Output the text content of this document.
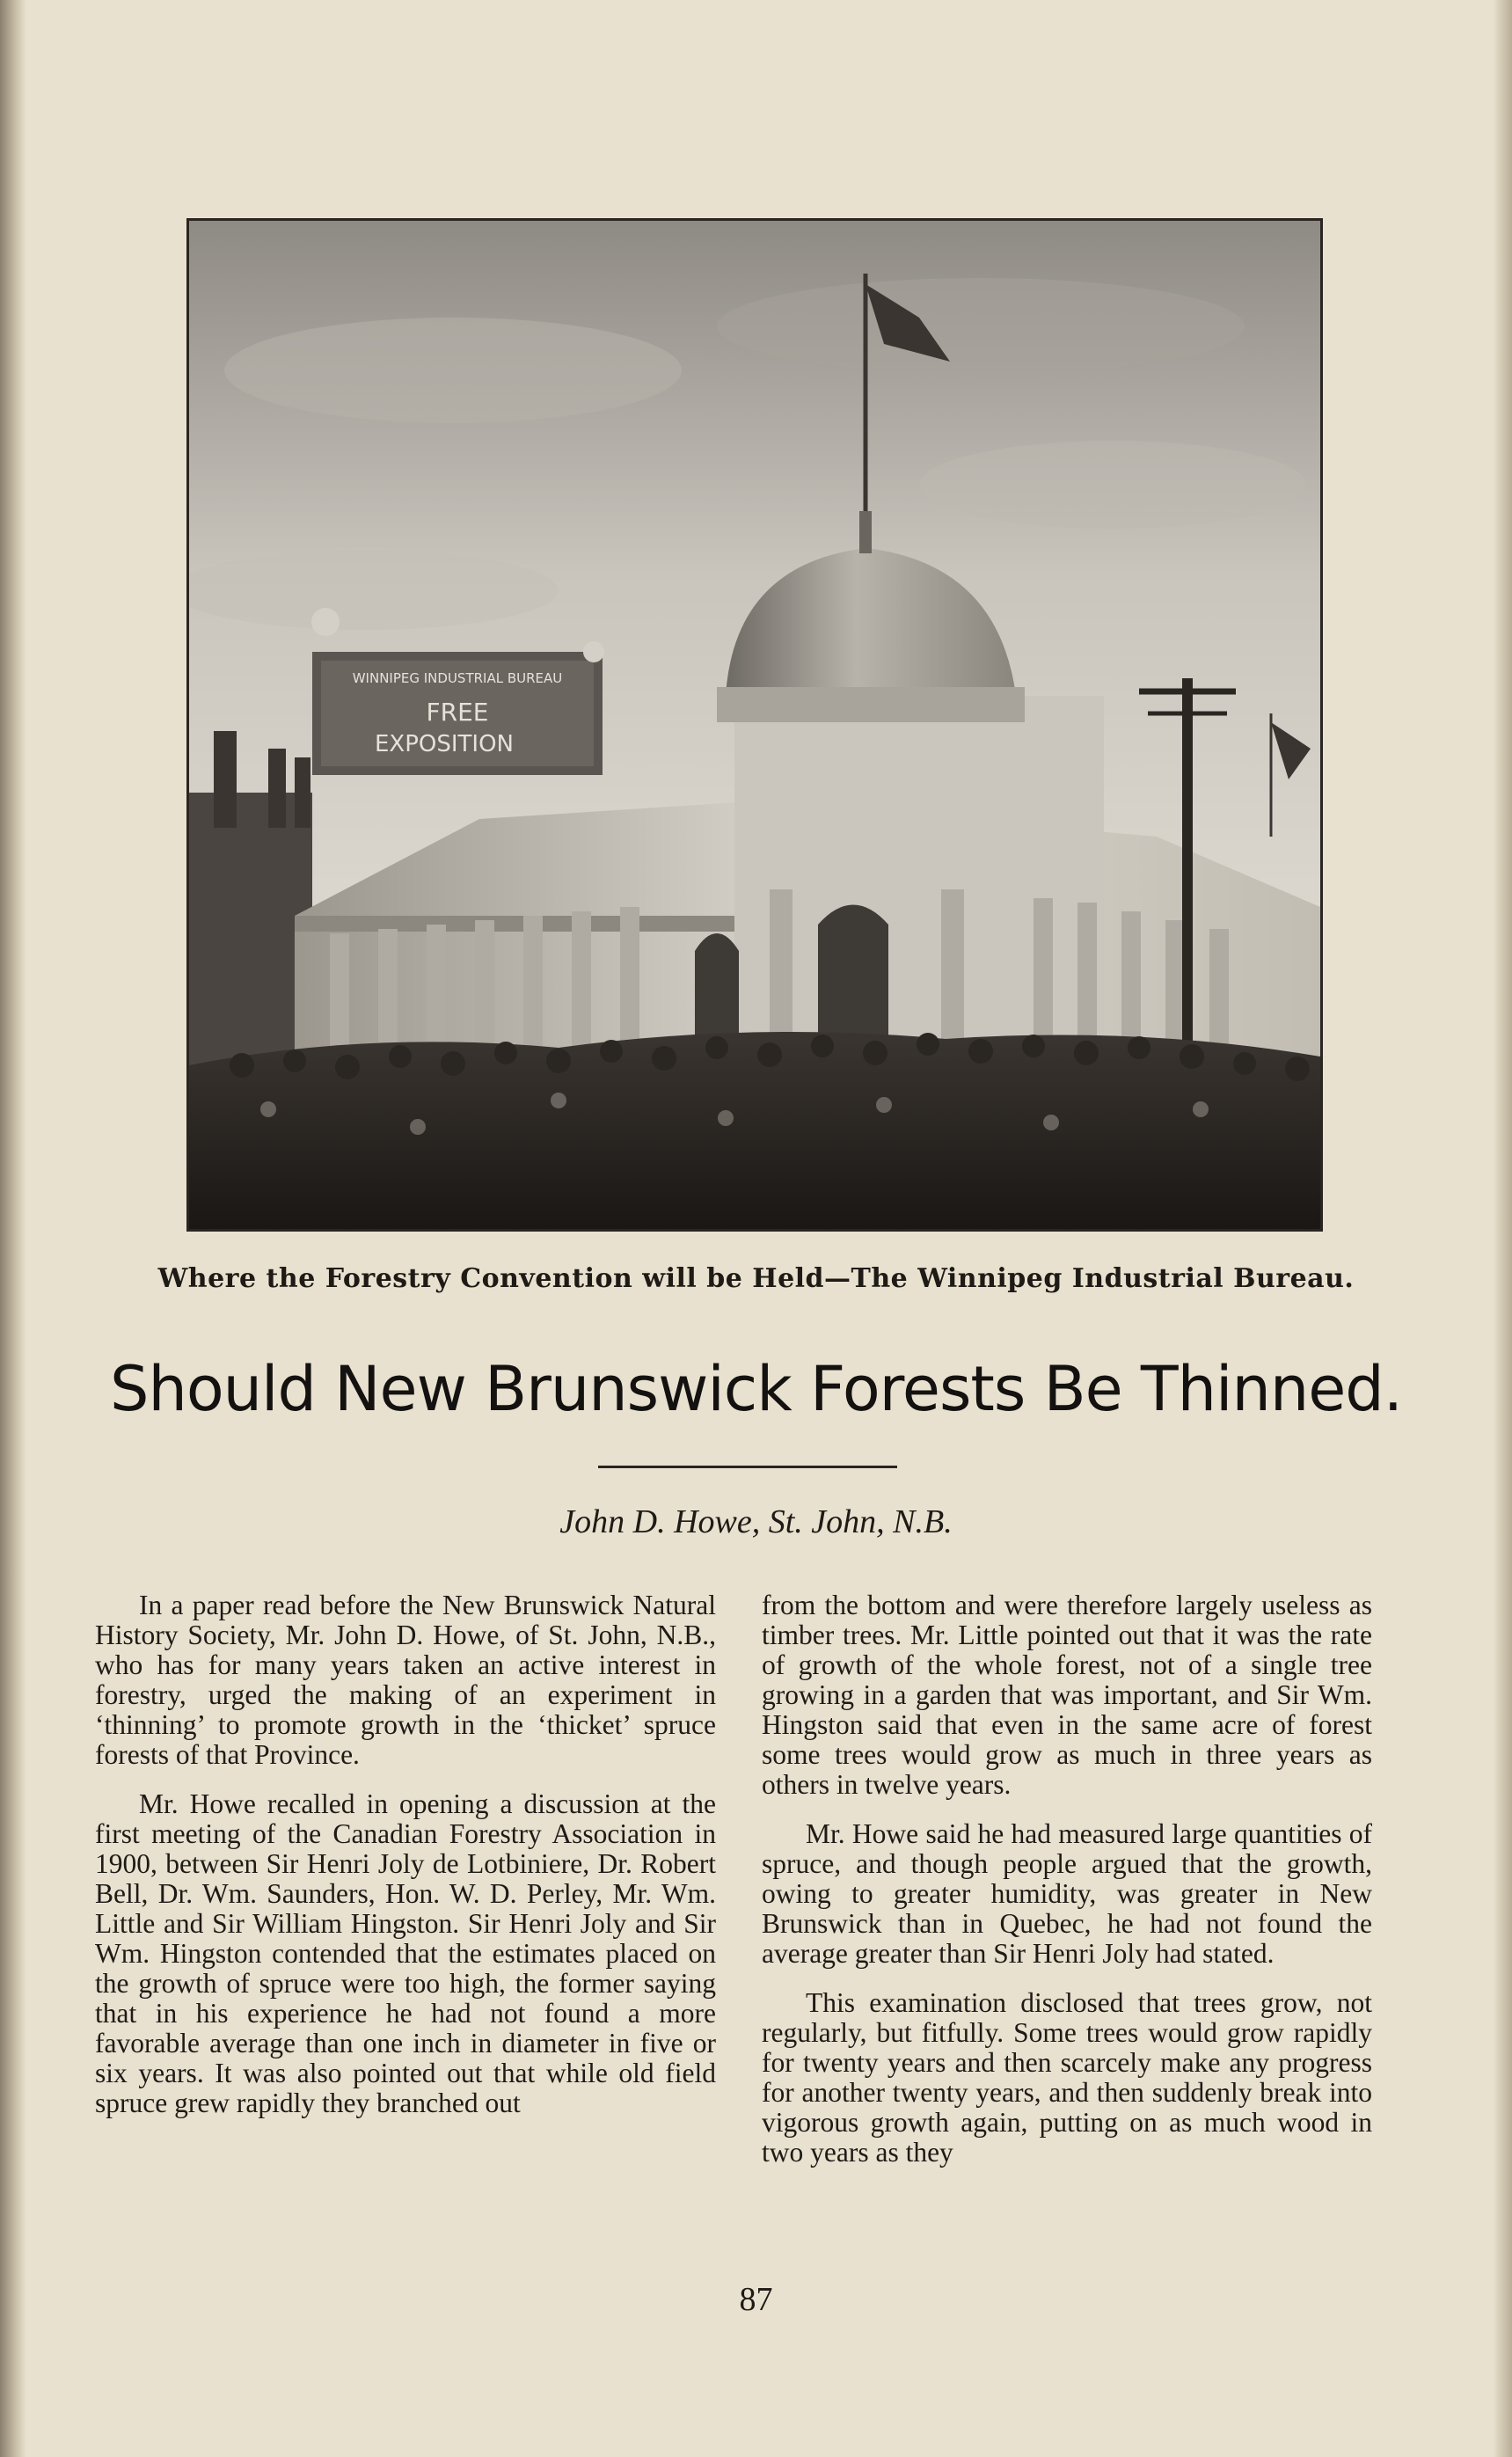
WINNIPEG INDUSTRIAL BUREAU
FREE
EXPOSITION
Where the Forestry Convention will be Held—The Winnipeg Industrial Bureau.
Should New Brunswick Forests Be Thinned.
John D. Howe, St. John, N.B.

In a paper read before the New Brunswick Natural History Society, Mr. John D. Howe, of St. John, N.B., who has for many years taken an active interest in forestry, urged the making of an experiment in ‘thinning’ to promote growth in the ‘thicket’ spruce forests of that Province.

Mr. Howe recalled in opening a discussion at the first meeting of the Canadian Forestry Association in 1900, between Sir Henri Joly de Lotbiniere, Dr. Robert Bell, Dr. Wm. Saunders, Hon. W. D. Perley, Mr. Wm. Little and Sir William Hingston. Sir Henri Joly and Sir Wm. Hingston contended that the estimates placed on the growth of spruce were too high, the former saying that in his experience he had not found a more favorable average than one inch in diameter in five or six years. It was also pointed out that while old field spruce grew rapidly they branched out

from the bottom and were therefore largely useless as timber trees. Mr. Little pointed out that it was the rate of growth of the whole forest, not of a single tree growing in a garden that was important, and Sir Wm. Hingston said that even in the same acre of forest some trees would grow as much in three years as others in twelve years.

Mr. Howe said he had measured large quantities of spruce, and though people argued that the growth, owing to greater humidity, was greater in New Brunswick than in Quebec, he had not found the average greater than Sir Henri Joly had stated.

This examination disclosed that trees grow, not regularly, but fitfully. Some trees would grow rapidly for twenty years and then scarcely make any progress for another twenty years, and then suddenly break into vigorous growth again, putting on as much wood in two years as they

87
